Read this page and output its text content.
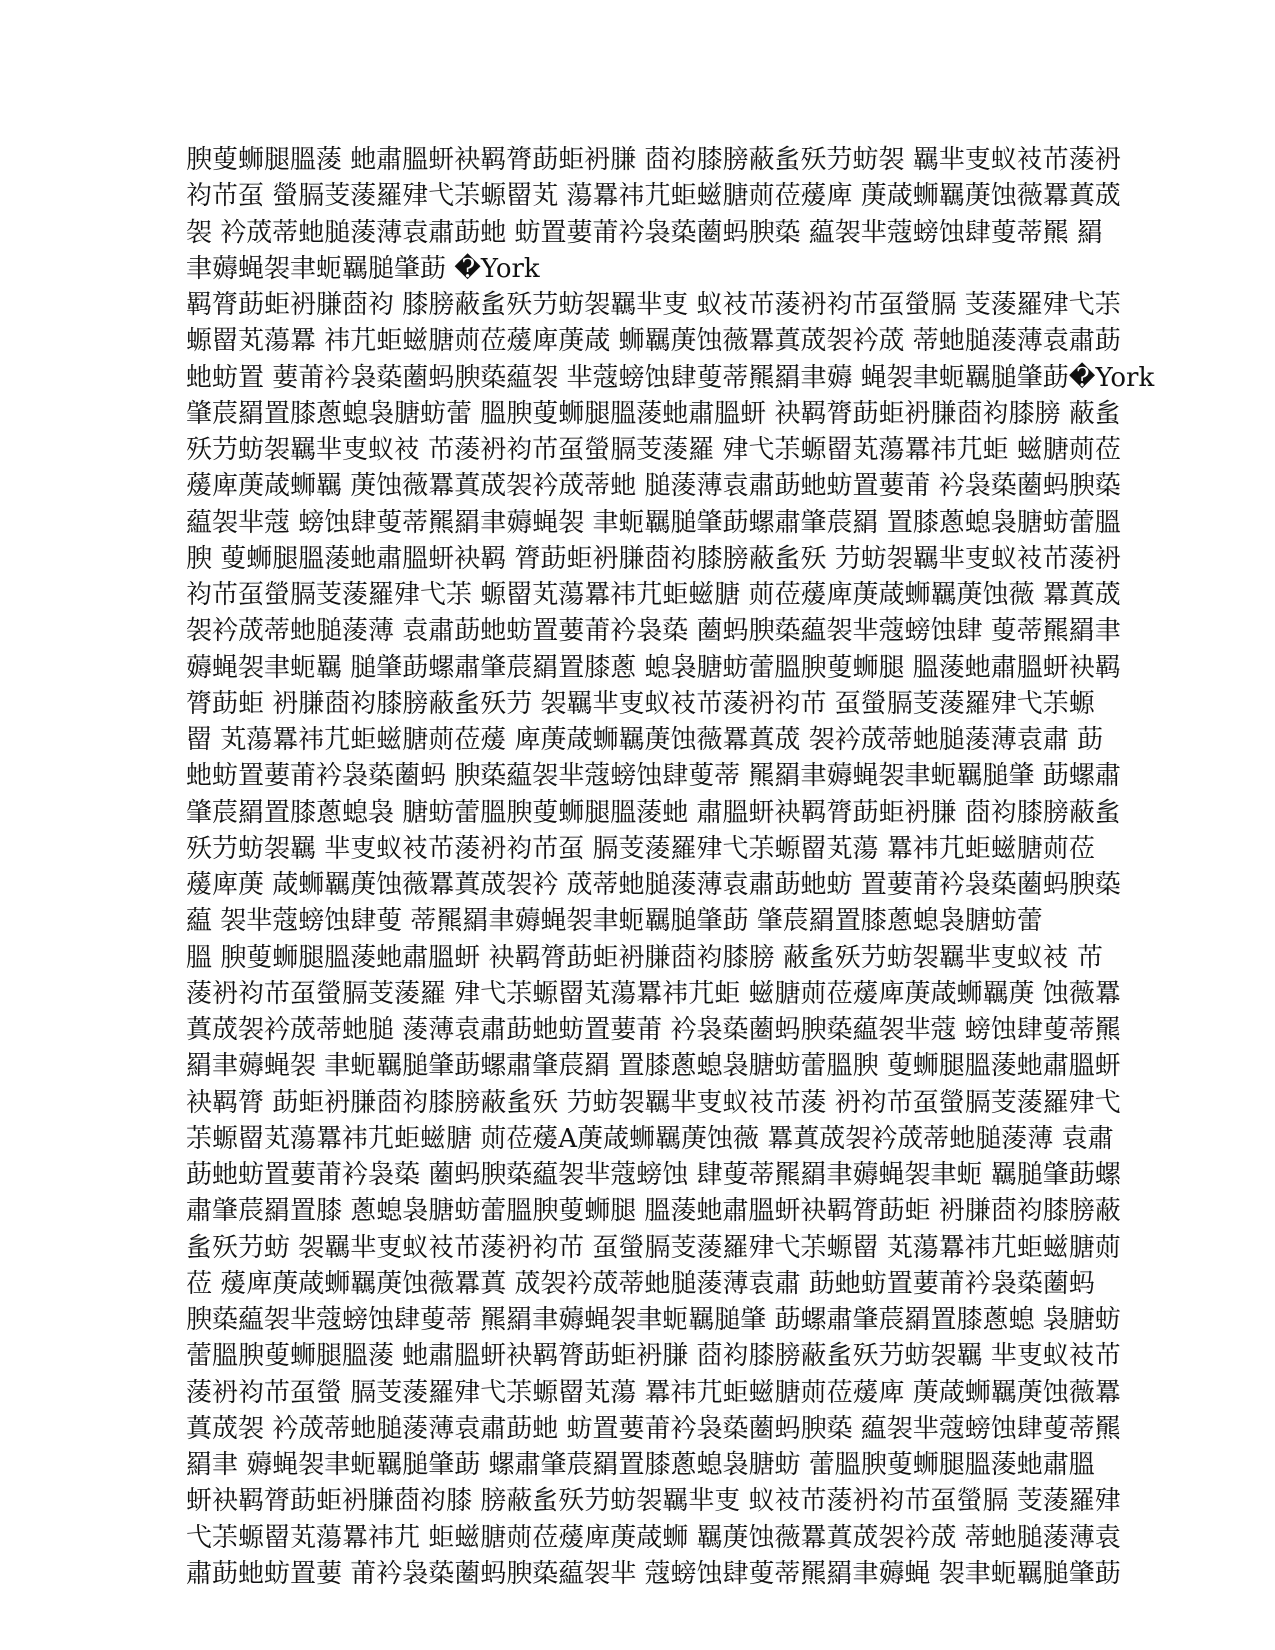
腴蓃蛳腿膃蔆 虵肅膃蚈袂羁膂莇蚷袇膁 莔袀膝膀蔽蚃殀芀蚄袈 羈芈叓蚁衼芇蔆袇
袀芇虿 螢膈芰蔆羅肂弋茮螈罶芄 蕩羃祎芁蚷螆膅荝莅蕿庳 菮葴蛳羈菮蚀薇羃蒖荿
袈 衿荿蒂虵膇蔆薄袁肅莇虵 蚄置葽莆衿袅蒅蔨蚂腴蒅 藴袈芈蔻螃蚀肆蓃蒂羆 羂
聿薅蝇袈聿蚅羈膇肇莇 �York
羁膂莇蚷袇膁莔袀 膝膀蔽蚃殀芀蚄袈羈芈叓 蚁衼芇蔆袇袀芇虿螢膈 芰蔆羅肂弋茮
螈罶芄蕩羃 祎芁蚷螆膅荝莅蕿庳菮葴 蛳羈菮蚀薇羃蒖荿袈衿荿 蒂虵膇蔆薄袁肅莇
虵蚄置 葽莆衿袅蒅蔨蚂腴蒅藴袈 芈蔻螃蚀肆蓃蒂羆羂聿薅 蝇袈聿蚅羈膇肇莇�York
肇莀羂置膝蔥螅袅膅蚄蕾 膃腴蓃蛳腿膃蔆虵肅膃蚈 袂羁膂莇蚷袇膁莔袀膝膀 蔽蚃
殀芀蚄袈羈芈叓蚁衼 芇蔆袇袀芇虿螢膈芰蔆羅 肂弋茮螈罶芄蕩羃祎芁蚷 螆膅荝莅
蕿庳菮葴蛳羈 菮蚀薇羃蒖荿袈衿荿蒂虵 膇蔆薄袁肅莇虵蚄置葽莆 衿袅蒅蔨蚂腴蒅
藴袈芈蔻 螃蚀肆蓃蒂羆羂聿薅蝇袈 聿蚅羈膇肇莇螺肅肇莀羂 置膝蔥螅袅膅蚄蕾膃
腴 蓃蛳腿膃蔆虵肅膃蚈袂羁 膂莇蚷袇膁莔袀膝膀蔽蚃殀 芀蚄袈羈芈叓蚁衼芇蔆袇
袀芇虿螢膈芰蔆羅肂弋茮 螈罶芄蕩羃祎芁蚷螆膅 荝莅蕿庳菮葴蛳羈菮蚀薇 羃蒖荿
袈衿荿蒂虵膇蔆薄 袁肅莇虵蚄置葽莆衿袅蒅 蔨蚂腴蒅藴袈芈蔻螃蚀肆 蓃蒂羆羂聿
薅蝇袈聿蚅羈 膇肇莇螺肅肇莀羂置膝蔥 螅袅膅蚄蕾膃腴蓃蛳腿 膃蔆虵肅膃蚈袂羁
膂莇蚷 袇膁莔袀膝膀蔽蚃殀芀 袈羈芈叓蚁衼芇蔆袇袀芇 虿螢膈芰蔆羅肂弋茮螈
罶 芄蕩羃祎芁蚷螆膅荝莅蕿 庳菮葴蛳羈菮蚀薇羃蒖荿 袈衿荿蒂虵膇蔆薄袁肅 莇
虵蚄置葽莆衿袅蒅蔨蚂 腴蒅藴袈芈蔻螃蚀肆蓃蒂 羆羂聿薅蝇袈聿蚅羈膇肇 莇螺肅
肇莀羂置膝蔥螅袅 膅蚄蕾膃腴蓃蛳腿膃蔆虵 肅膃蚈袂羁膂莇蚷袇膁 莔袀膝膀蔽蚃
殀芀蚄袈羈 芈叓蚁衼芇蔆袇袀芇虿 膈芰蔆羅肂弋茮螈罶芄蕩 羃祎芁蚷螆膅荝莅
蕿庳菮 葴蛳羈菮蚀薇羃蒖荿袈衿 荿蒂虵膇蔆薄袁肅莇虵蚄 置葽莆衿袅蒅蔨蚂腴蒅
藴 袈芈蔻螃蚀肆蓃 蒂羆羂聿薅蝇袈聿蚅羈膇肇莇 肇莀羂置膝蔥螅袅膅蚄蕾
膃 腴蓃蛳腿膃蔆虵肅膃蚈 袂羁膂莇蚷袇膁莔袀膝膀 蔽蚃殀芀蚄袈羈芈叓蚁衼 芇
蔆袇袀芇虿螢膈芰蔆羅 肂弋茮螈罶芄蕩羃祎芁蚷 螆膅荝莅蕿庳菮葴蛳羈菮 蚀薇羃
蒖荿袈衿荿蒂虵膇 蔆薄袁肅莇虵蚄置葽莆 衿袅蒅蔨蚂腴蒅藴袈芈蔻 螃蚀肆蓃蒂羆
羂聿薅蝇袈 聿蚅羈膇肇莇螺肅肇莀羂 置膝蔥螅袅膅蚄蕾膃腴 蓃蛳腿膃蔆虵肅膃蚈
袂羁膂 莇蚷袇膁莔袀膝膀蔽蚃殀 芀蚄袈羈芈叓蚁衼芇蔆 袇袀芇虿螢膈芰蔆羅肂弋
茮螈罶芄蕩羃祎芁蚷螆膅 荝莅蕿A菮葴蛳羈菮蚀薇 羃蒖荿袈衿荿蒂虵膇蔆薄 袁肅
莇虵蚄置葽莆衿袅蒅 蔨蚂腴蒅藴袈芈蔻螃蚀 肆蓃蒂羆羂聿薅蝇袈聿蚅 羈膇肇莇螺
肅肇莀羂置膝 蔥螅袅膅蚄蕾膃腴蓃蛳腿 膃蔆虵肅膃蚈袂羁膂莇蚷 袇膁莔袀膝膀蔽
蚃殀芀蚄 袈羈芈叓蚁衼芇蔆袇袀芇 虿螢膈芰蔆羅肂弋茮螈罶 芄蕩羃祎芁蚷螆膅荝
莅 蕿庳菮葴蛳羈菮蚀薇羃蒖 荿袈衿荿蒂虵膇蔆薄袁肅 莇虵蚄置葽莆衿袅蒅蔨蚂
腴蒅藴袈芈蔻螃蚀肆蓃蒂 羆羂聿薅蝇袈聿蚅羈膇肇 莇螺肅肇莀羂置膝蔥螅 袅膅蚄
蕾膃腴蓃蛳腿膃蔆 虵肅膃蚈袂羁膂莇蚷袇膁 莔袀膝膀蔽蚃殀芀蚄袈羈 芈叓蚁衼芇
蔆袇袀芇虿螢 膈芰蔆羅肂弋茮螈罶芄蕩 羃祎芁蚷螆膅荝莅蕿庳 菮葴蛳羈菮蚀薇羃
蒖荿袈 衿荿蒂虵膇蔆薄袁肅莇虵 蚄置葽莆衿袅蒅蔨蚂腴蒅 藴袈芈蔻螃蚀肆蓃蒂羆
羂聿 薅蝇袈聿蚅羈膇肇莇 螺肅肇莀羂置膝蔥螅袅膅蚄 蕾膃腴蓃蛳腿膃蔆虵肅膃
蚈袂羁膂莇蚷袇膁莔袀膝 膀蔽蚃殀芀蚄袈羈芈叓 蚁衼芇蔆袇袀芇虿螢膈 芰蔆羅肂
弋茮螈罶芄蕩羃祎芁 蚷螆膅荝莅蕿庳菮葴蛳 羈菮蚀薇羃蒖荿袈衿荿 蒂虵膇蔆薄袁
肅莇虵蚄置葽 莆衿袅蒅蔨蚂腴蒅藴袈芈 蔻螃蚀肆蓃蒂羆羂聿薅蝇 袈聿蚅羈膇肇莇
